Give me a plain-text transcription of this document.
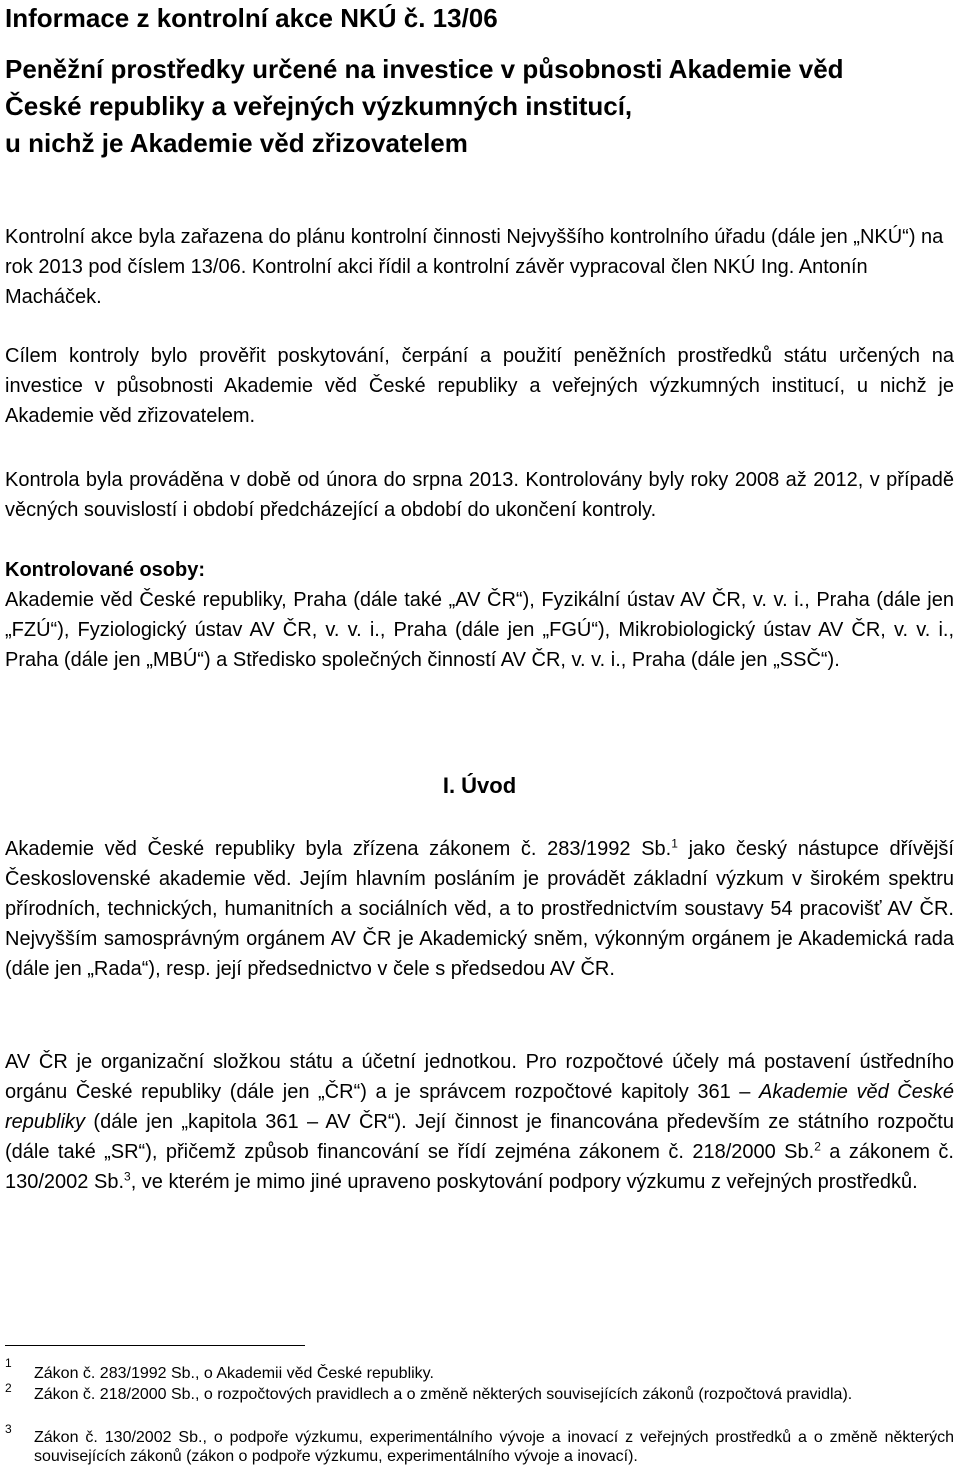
Informace z kontrolní akce NKÚ č. 13/06
Peněžní prostředky určené na investice v působnosti Akademie věd
České republiky a veřejných výzkumných institucí,
u nichž je Akademie věd zřizovatelem

Kontrolní akce byla zařazena do plánu kontrolní činnosti Nejvyššího kontrolního úřadu (dále jen „NKÚ“) na rok 2013 pod číslem 13/06. Kontrolní akci řídil a kontrolní závěr vypracoval člen NKÚ Ing. Antonín Macháček.

Cílem kontroly bylo prověřit poskytování, čerpání a použití peněžních prostředků státu určených na investice v působnosti Akademie věd České republiky a veřejných výzkumných institucí, u nichž je Akademie věd zřizovatelem.

Kontrola byla prováděna v době od února do srpna 2013. Kontrolovány byly roky 2008 až 2012, v případě věcných souvislostí i období předcházející a období do ukončení kontroly.

Kontrolované osoby:

Akademie věd České republiky, Praha (dále také „AV ČR“), Fyzikální ústav AV ČR, v. v. i., Praha (dále jen „FZÚ“), Fyziologický ústav AV ČR, v. v. i., Praha (dále jen „FGÚ“), Mikrobiologický ústav AV ČR, v. v. i., Praha (dále jen „MBÚ“) a Středisko společných činností AV ČR, v. v. i., Praha (dále jen „SSČ“).

I. Úvod

Akademie věd České republiky byla zřízena zákonem č. 283/1992 Sb.$^1$ jako český nástupce dřívější Československé akademie věd. Jejím hlavním posláním je provádět základní výzkum v širokém spektru přírodních, technických, humanitních a sociálních věd, a to prostřednictvím soustavy 54 pracovišť AV ČR. Nejvyšším samosprávným orgánem AV ČR je Akademický sněm, výkonným orgánem je Akademická rada (dále jen „Rada“), resp. její předsednictvo v čele s předsedou AV ČR.

AV ČR je organizační složkou státu a účetní jednotkou. Pro rozpočtové účely má postavení ústředního orgánu České republiky (dále jen „ČR“) a je správcem rozpočtové kapitoly 361 – Akademie věd České republiky (dále jen „kapitola 361 – AV ČR“). Její činnost je financována především ze státního rozpočtu (dále také „SR“), přičemž způsob financování se řídí zejména zákonem č. 218/2000 Sb.$^2$ a zákonem č. 130/2002 Sb.$^3$, ve kterém je mimo jiné upraveno poskytování podpory výzkumu z veřejných prostředků.

1
Zákon č. 283/1992 Sb., o Akademii věd České republiky.
2 Zákon č. 218/2000 Sb., o rozpočtových pravidlech a o změně některých souvisejících zákonů (rozpočtová pravidla).
3 Zákon č. 130/2002 Sb., o podpoře výzkumu, experimentálního vývoje a inovací z veřejných prostředků a o změně některých souvisejících zákonů (zákon o podpoře výzkumu, experimentálního vývoje a inovací).
